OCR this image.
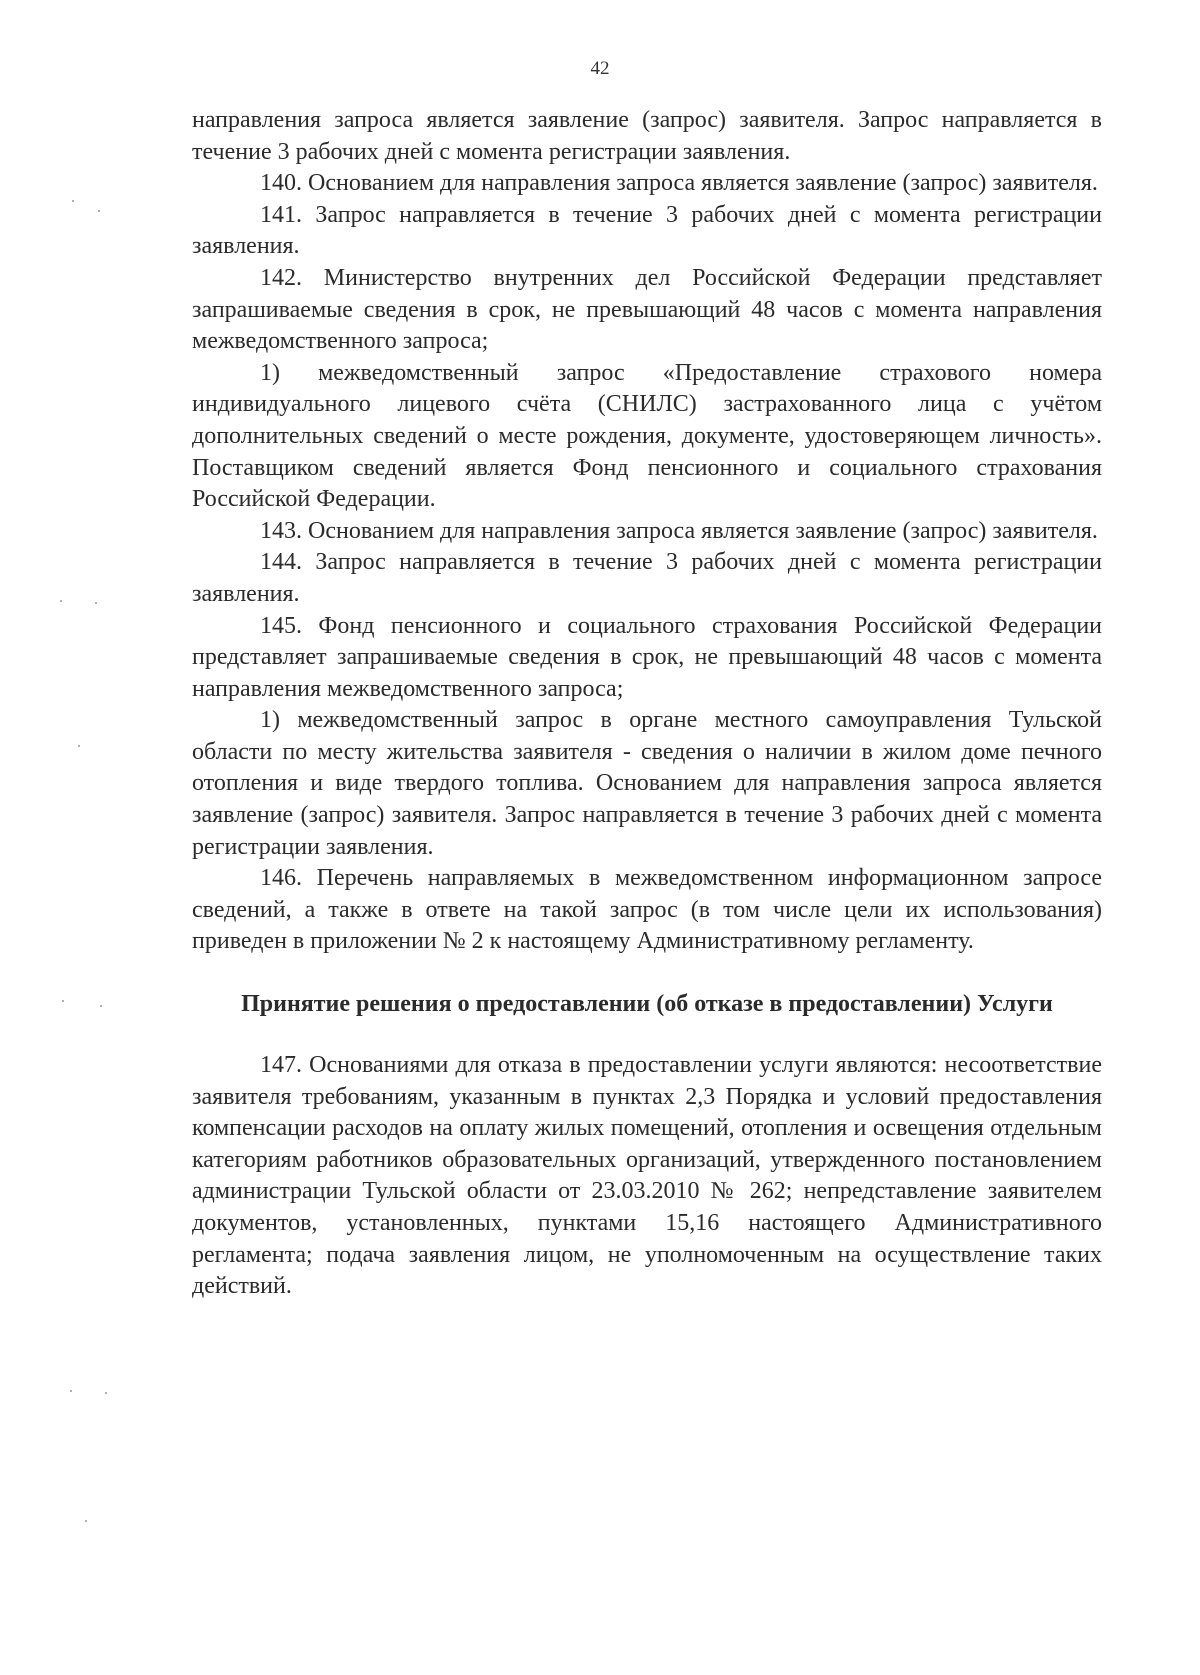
42

направления запроса является заявление (запрос) заявителя. Запрос направляется в течение 3 рабочих дней с момента регистрации заявления.

140. Основанием для направления запроса является заявление (запрос) заявителя.

141. Запрос направляется в течение 3 рабочих дней с момента регистрации заявления.

142. Министерство внутренних дел Российской Федерации представляет запрашиваемые сведения в срок, не превышающий 48 часов с момента направления межведомственного запроса;

1) межведомственный запрос «Предоставление страхового номера индивидуального лицевого счёта (СНИЛС) застрахованного лица с учётом дополнительных сведений о месте рождения, документе, удостоверяющем личность». Поставщиком сведений является Фонд пенсионного и социального страхования Российской Федерации.

143. Основанием для направления запроса является заявление (запрос) заявителя.

144. Запрос направляется в течение 3 рабочих дней с момента регистрации заявления.

145. Фонд пенсионного и социального страхования Российской Федерации представляет запрашиваемые сведения в срок, не превышающий 48 часов с момента направления межведомственного запроса;

1) межведомственный запрос в органе местного самоуправления Тульской области по месту жительства заявителя - сведения о наличии в жилом доме печного отопления и виде твердого топлива. Основанием для направления запроса является заявление (запрос) заявителя. Запрос направляется в течение 3 рабочих дней с момента регистрации заявления.

146. Перечень направляемых в межведомственном информационном запросе сведений, а также в ответе на такой запрос (в том числе цели их использования) приведен в приложении № 2 к настоящему Административному регламенту.

Принятие решения о предоставлении (об отказе в предоставлении) Услуги

147. Основаниями для отказа в предоставлении услуги являются: несоответствие заявителя требованиям, указанным в пунктах 2,3 Порядка и условий предоставления компенсации расходов на оплату жилых помещений, отопления и освещения отдельным категориям работников образовательных организаций, утвержденного постановлением администрации Тульской области от 23.03.2010 № 262; непредставление заявителем документов, установленных, пунктами 15,16 настоящего Административного регламента; подача заявления лицом, не уполномоченным на осуществление таких действий.
